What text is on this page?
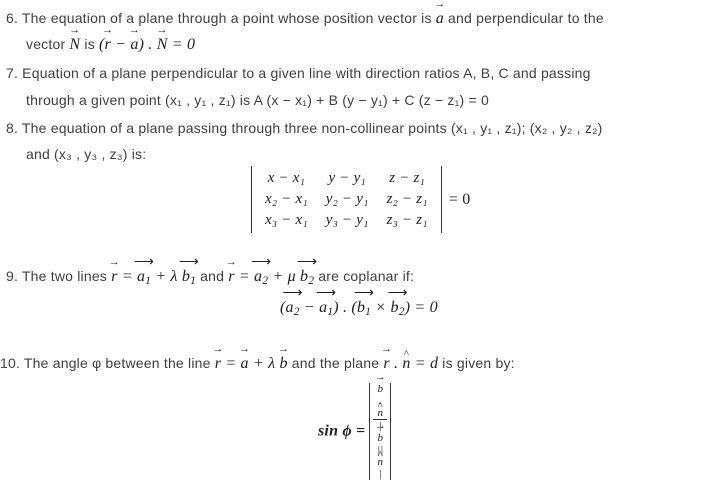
6. The equation of a plane through a point whose position vector is a → and perpendicular to the
vector N → is (r → − a →) . N → = 0
7. Equation of a plane perpendicular to a given line with direction ratios A, B, C and passing
through a given point (x₁ , y₁ , z₁) is A (x − x₁) + B (y − y₁) + C (z − z₁) = 0
8. The equation of a plane passing through three non-collinear points (x₁ , y₁ , z₁); (x₂ , y₂ , z₂)
and (x₃ , y₃ , z₃) is:
x − x₁	y − y₁	z − z₁
x₂ − x₁	y₂ − y₁	z₂ − z₁
x₃ − x₁	y₃ − y₁	z₃ − z₁
= 0
9. The two lines r → = $a_1$ ⟶ + λ $b_1$ ⟶ and r → = $a_2$ ⟶ + μ $b_2$ ⟶ are coplanar if:
($a_2$ ⟶ − $a_1$ ⟶) . ($b_1$ ⟶ × $b_2$ ⟶) = 0
10. The angle φ between the line r → = a → + λ b → and the plane r → . n ^ = d is given by:
sin ϕ = b →
.
n ^
|
b →
||
n ^
|
